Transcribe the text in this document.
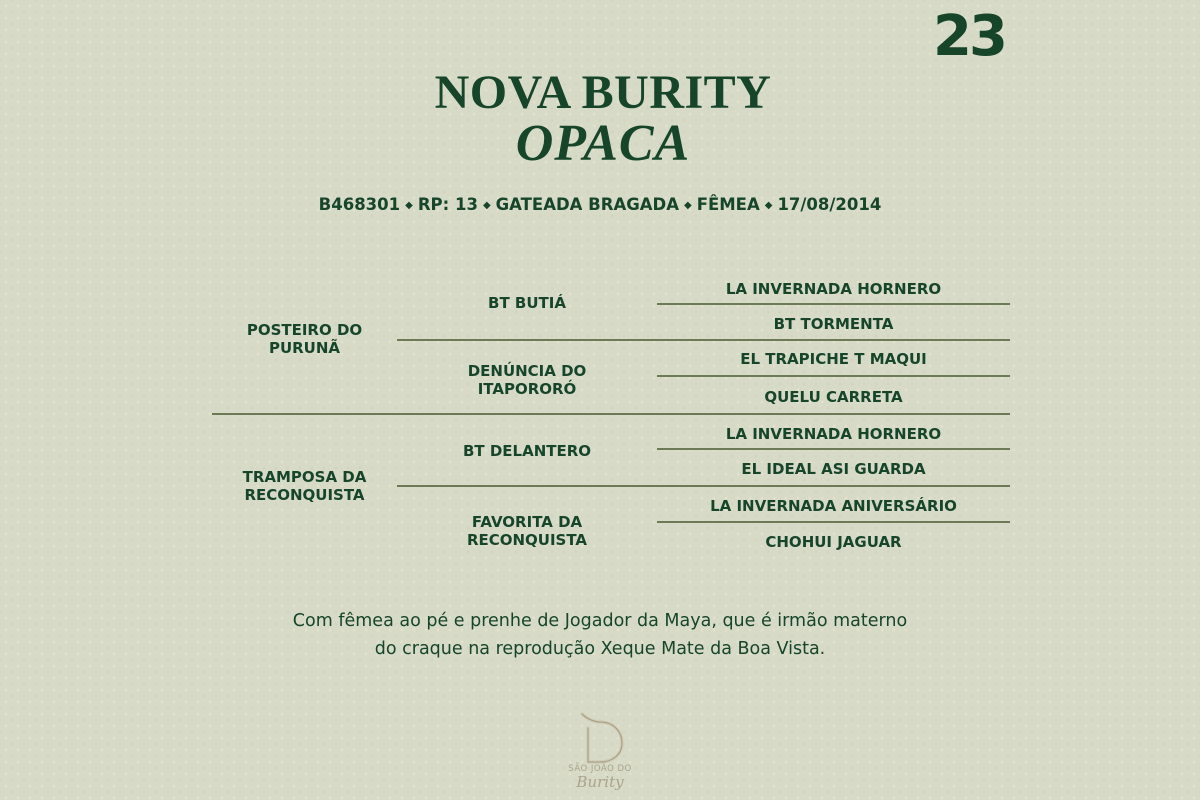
23
NOVA BURITY
OPACA
B468301 ◆ RP: 13 ◆ GATEADA BRAGADA ◆ FÊMEA ◆ 17/08/2014
POSTEIRO DO
PURUNÃ
TRAMPOSA DA
RECONQUISTA
BT BUTIÁ
DENÚNCIA DO
ITAPORORÓ
BT DELANTERO
FAVORITA DA
RECONQUISTA
LA INVERNADA HORNERO
BT TORMENTA
EL TRAPICHE T MAQUI
QUELU CARRETA
LA INVERNADA HORNERO
EL IDEAL ASI GUARDA
LA INVERNADA ANIVERSÁRIO
CHOHUI JAGUAR
Com fêmea ao pé e prenhe de Jogador da Maya, que é irmão materno
do craque na reprodução Xeque Mate da Boa Vista.
SÃO JOÃO DO
Burity
